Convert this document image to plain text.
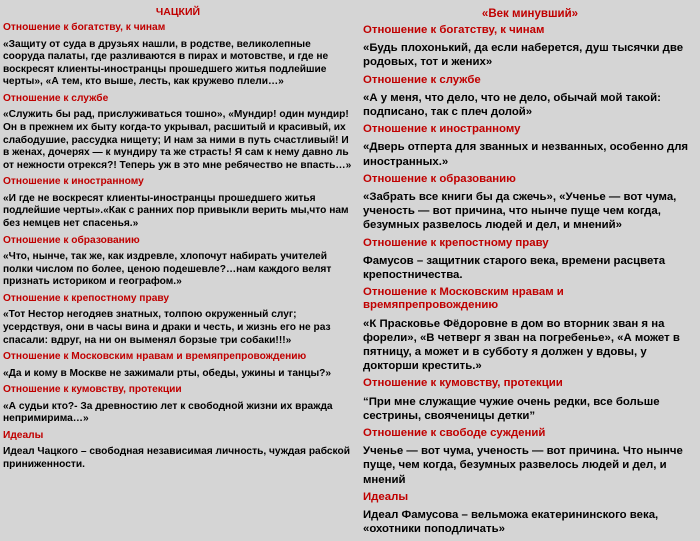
ЧАЦКИЙ
Отношение к богатству, к чинам
«Защиту от суда в друзьях нашли, в родстве, великолепные сооруда палаты, где разливаются в пирах и мотовстве, и где не воскресят клиенты-иностранцы прошедшего житья подлейшие черты», «А тем, кто выше, лесть, как кружево плели…»
Отношение к службе
«Служить бы рад, прислуживаться тошно», «Мундир! один мундир! Он в прежнем их быту когда-то укрывал, расшитый и красивый, их слабодушие, рассудка нищету; И нам за ними в путь счастливый! И в женах, дочерях — к мундиру та же страсть! Я сам к нему давно ль от нежности отрекся?! Теперь уж в это мне ребячество не впасть…»
Отношение к иностранному
«И где не воскресят клиенты-иностранцы прошедшего житья подлейшие черты».«Как с ранних пор привыкли верить мы,что нам без немцев нет спасенья.»
Отношение к образованию
«Что, нынче, так же, как издревле, хлопочут набирать учителей полки числом по более, ценою подешевле?…нам каждого велят признать историком и географом.»
Отношение к крепостному праву
«Тот Нестор негодяев знатных, толпою окруженный слуг; усердствуя, они в часы вина и драки и честь, и жизнь его не раз спасали: вдруг, на ни он выменял борзые три собаки!!!»
Отношение к Московским нравам и времяпрепровождению
«Да и кому в Москве не зажимали рты, обеды, ужины и танцы?»
Отношение к кумовству, протекции
«А судьи кто?- За древностию лет к свободной жизни их вражда непримирима…»
Идеалы
Идеал Чацкого – свободная независимая личность, чуждая рабской приниженности.
«Век минувший»
Отношение к богатству, к чинам
«Будь плохонький, да если наберется, душ тысячки две родовых, тот и жених»
Отношение к службе
«А у меня, что дело, что не дело, обычай мой такой: подписано, так с плеч долой»
Отношение к иностранному
«Дверь отперта для званных и незванных, особенно для иностранных.»
Отношение к образованию
«Забрать все книги бы да сжечь», «Ученье — вот чума, ученость — вот причина, что нынче пуще чем когда, безумных развелось людей и дел, и мнений»
Отношение к крепостному праву
Фамусов – защитник старого века, времени расцвета крепостничества.
Отношение к Московским нравам и времяпрепровождению
«К Прасковье Фёдоровне в дом во вторник зван я на форели», «В четверг я зван на погребенье», «А может в пятницу, а может и в субботу я должен у вдовы, у докторши крестить.»
Отношение к кумовству, протекции
“При мне служащие чужие очень редки, все больше сестрины, свояченицы детки”
Отношение к свободе суждений
Ученье — вот чума, ученость — вот причина. Что нынче пуще, чем когда, безумных развелось людей и дел, и мнений
Идеалы
Идеал Фамусова – вельможа екатерининского века, «охотники поподличать»
